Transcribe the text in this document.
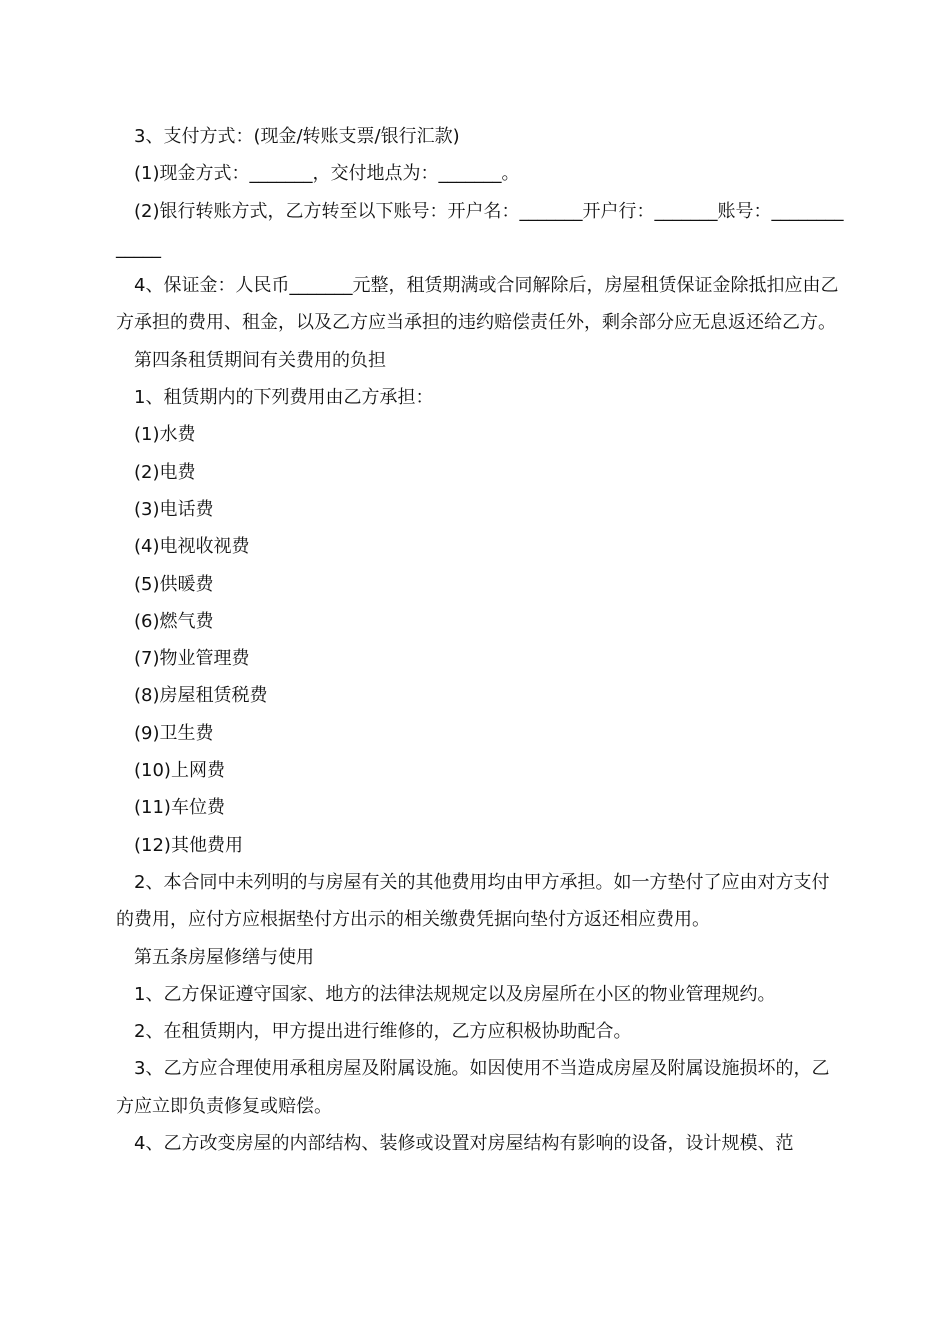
3、支付方式：(现金/转账支票/银行汇款)

(1)现金方式：_______，交付地点为：_______。

(2)银行转账方式，乙方转至以下账号：开户名：_______开户行：_______账号：_____________

4、保证金：人民币_______元整，租赁期满或合同解除后，房屋租赁保证金除抵扣应由乙方承担的费用、租金，以及乙方应当承担的违约赔偿责任外，剩余部分应无息返还给乙方。

第四条租赁期间有关费用的负担

1、租赁期内的下列费用由乙方承担：

(1)水费

(2)电费

(3)电话费

(4)电视收视费

(5)供暖费

(6)燃气费

(7)物业管理费

(8)房屋租赁税费

(9)卫生费

(10)上网费

(11)车位费

(12)其他费用

2、本合同中未列明的与房屋有关的其他费用均由甲方承担。如一方垫付了应由对方支付的费用，应付方应根据垫付方出示的相关缴费凭据向垫付方返还相应费用。

第五条房屋修缮与使用

1、乙方保证遵守国家、地方的法律法规规定以及房屋所在小区的物业管理规约。

2、在租赁期内，甲方提出进行维修的，乙方应积极协助配合。

3、乙方应合理使用承租房屋及附属设施。如因使用不当造成房屋及附属设施损坏的，乙方应立即负责修复或赔偿。

4、乙方改变房屋的内部结构、装修或设置对房屋结构有影响的设备，设计规模、范
